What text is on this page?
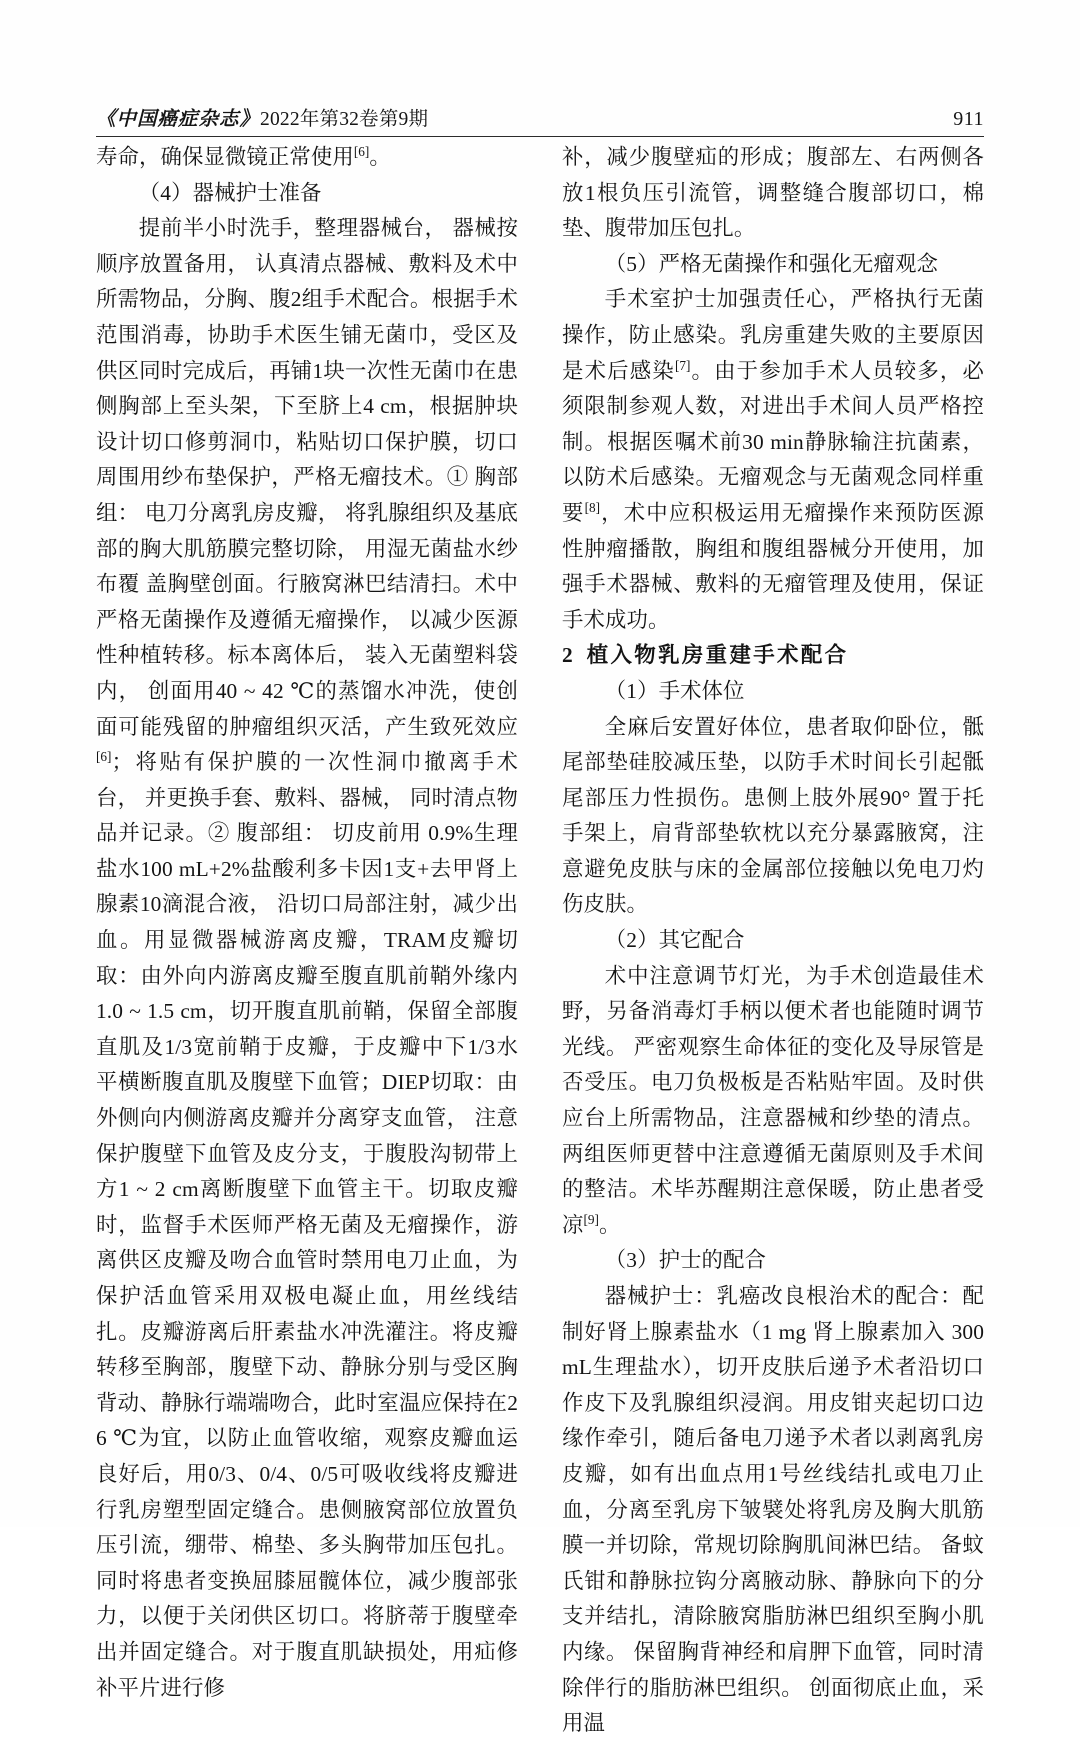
《中国癌症杂志》2022年第32卷第9期	911

寿命，确保显微镜正常使用[6]。

（4）器械护士准备

提前半小时洗手，整理器械台， 器械按顺序放置备用， 认真清点器械、敷料及术中所需物品，分胸、腹2组手术配合。根据手术范围消毒，协助手术医生铺无菌巾，受区及供区同时完成后，再铺1块一次性无菌巾在患侧胸部上至头架，下至脐上4 cm，根据肿块设计切口修剪洞巾，粘贴切口保护膜，切口周围用纱布垫保护，严格无瘤技术。① 胸部组： 电刀分离乳房皮瓣， 将乳腺组织及基底部的胸大肌筋膜完整切除， 用湿无菌盐水纱布覆 盖胸壁创面。行腋窝淋巴结清扫。术中严格无菌操作及遵循无瘤操作， 以减少医源性种植转移。标本离体后， 装入无菌塑料袋内， 创面用40 ~ 42 ℃的蒸馏水冲洗，使创面可能残留的肿瘤组织灭活，产生致死效应[6]；将贴有保护膜的一次性洞巾撤离手术台， 并更换手套、敷料、器械， 同时清点物品并记录。② 腹部组： 切皮前用 0.9%生理盐水100 mL+2%盐酸利多卡因1支+去甲肾上腺素10滴混合液， 沿切口局部注射，减少出血。用显微器械游离皮瓣，TRAM皮瓣切取：由外向内游离皮瓣至腹直肌前鞘外缘内1.0 ~ 1.5 cm，切开腹直肌前鞘，保留全部腹直肌及1/3宽前鞘于皮瓣，于皮瓣中下1/3水 平横断腹直肌及腹壁下血管；DIEP切取：由外侧向内侧游离皮瓣并分离穿支血管， 注意保护腹壁下血管及皮分支，于腹股沟韧带上方1 ~ 2 cm离断腹壁下血管主干。切取皮瓣时，监督手术医师严格无菌及无瘤操作，游离供区皮瓣及吻合血管时禁用电刀止血，为保护活血管采用双极电凝止血，用丝线结扎。皮瓣游离后肝素盐水冲洗灌注。将皮瓣转移至胸部，腹壁下动、静脉分别与受区胸背动、静脉行端端吻合，此时室温应保持在26 ℃为宜，以防止血管收缩，观察皮瓣血运良好后，用0/3、0/4、0/5可吸收线将皮瓣进行乳房塑型固定缝合。患侧腋窝部位放置负压引流，绷带、棉垫、多头胸带加压包扎。同时将患者变换屈膝屈髋体位，减少腹部张力，以便于关闭供区切口。将脐蒂于腹壁牵出并固定缝合。对于腹直肌缺损处，用疝修补平片进行修

补，减少腹壁疝的形成；腹部左、右两侧各放1根负压引流管，调整缝合腹部切口，棉垫、腹带加压包扎。

（5）严格无菌操作和强化无瘤观念

手术室护士加强责任心，严格执行无菌操作，防止感染。乳房重建失败的主要原因是术后感染[7]。由于参加手术人员较多，必须限制参观人数，对进出手术间人员严格控制。根据医嘱术前30 min静脉输注抗菌素，以防术后感染。无瘤观念与无菌观念同样重要[8]，术中应积极运用无瘤操作来预防医源性肿瘤播散，胸组和腹组器械分开使用，加强手术器械、敷料的无瘤管理及使用，保证手术成功。

2 植入物乳房重建手术配合

（1）手术体位

全麻后安置好体位，患者取仰卧位，骶尾部垫硅胶减压垫，以防手术时间长引起骶尾部压力性损伤。患侧上肢外展90° 置于托手架上，肩背部垫软枕以充分暴露腋窝，注意避免皮肤与床的金属部位接触以免电刀灼伤皮肤。

（2）其它配合

术中注意调节灯光，为手术创造最佳术野，另备消毒灯手柄以便术者也能随时调节光线。 严密观察生命体征的变化及导尿管是否受压。电刀负极板是否粘贴牢固。及时供应台上所需物品，注意器械和纱垫的清点。 两组医师更替中注意遵循无菌原则及手术间的整洁。术毕苏醒期注意保暖，防止患者受凉[9]。

（3）护士的配合

器械护士：乳癌改良根治术的配合：配制好肾上腺素盐水（1 mg 肾上腺素加入 300 mL生理盐水），切开皮肤后递予术者沿切口作皮下及乳腺组织浸润。用皮钳夹起切口边缘作牵引，随后备电刀递予术者以剥离乳房皮瓣，如有出血点用1号丝线结扎或电刀止血，分离至乳房下皱襞处将乳房及胸大肌筋膜一并切除，常规切除胸肌间淋巴结。 备蚊氏钳和静脉拉钩分离腋动脉、静脉向下的分支并结扎，清除腋窝脂肪淋巴组织至胸小肌内缘。 保留胸背神经和肩胛下血管，同时清除伴行的脂肪淋巴组织。 创面彻底止血，采用温
